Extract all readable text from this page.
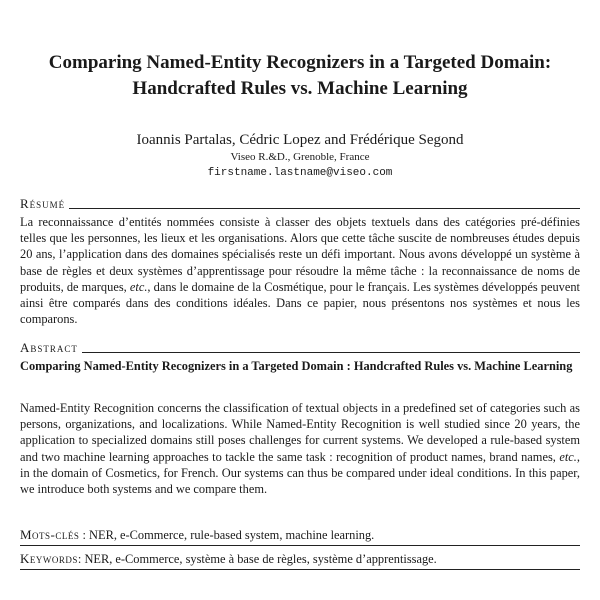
Comparing Named-Entity Recognizers in a Targeted Domain:
Handcrafted Rules vs. Machine Learning
Ioannis Partalas, Cédric Lopez and Frédérique Segond
Viseo R.&D., Grenoble, France
firstname.lastname@viseo.com
Résumé

La reconnaissance d’entités nommées consiste à classer des objets textuels dans des catégories pré-définies telles que les personnes, les lieux et les organisations. Alors que cette tâche suscite de nombreuses études depuis 20 ans, l’application dans des domaines spécialisés reste un défi important. Nous avons développé un système à base de règles et deux systèmes d’apprentissage pour résoudre la même tâche : la reconnaissance de noms de produits, de marques, etc., dans le domaine de la Cosmétique, pour le français. Les systèmes développés peuvent ainsi être comparés dans des conditions idéales. Dans ce papier, nous présentons nos systèmes et nous les comparons.

Abstract

Comparing Named-Entity Recognizers in a Targeted Domain : Handcrafted Rules vs. Machine Learning

Named-Entity Recognition concerns the classification of textual objects in a predefined set of categories such as persons, organizations, and localizations. While Named-Entity Recognition is well studied since 20 years, the application to specialized domains still poses challenges for current systems. We developed a rule-based system and two machine learning approaches to tackle the same task : recognition of product names, brand names, etc., in the domain of Cosmetics, for French. Our systems can thus be compared under ideal conditions. In this paper, we introduce both systems and we compare them.

Mots-clés : NER, e-Commerce, rule-based system, machine learning.
Keywords: NER, e-Commerce, système à base de règles, système d’apprentissage.
